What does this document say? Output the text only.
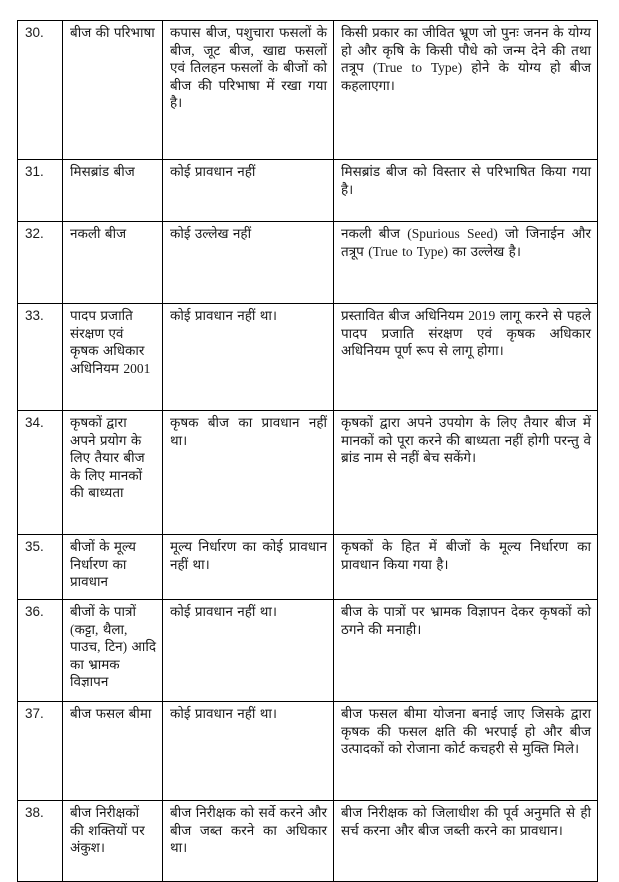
30.	बीज की परिभाषा	कपास बीज, पशुचारा फसलों के बीज, जूट बीज, खाद्य फसलों एवं तिलहन फसलों के बीजों को बीज की परिभाषा में रखा गया है।	किसी प्रकार का जीवित भ्रूण जो पुनः जनन के योग्य हो और कृषि के किसी पौधे को जन्म देने की तथा तत्रूप (True to Type) होने के योग्य हो बीज कहलाएगा।
31.	मिसब्रांड बीज	कोई प्रावधान नहीं	मिसब्रांड बीज को विस्तार से परिभाषित किया गया है।
32.	नकली बीज	कोई उल्लेख नहीं	नकली बीज (Spurious Seed) जो जिनाईन और तत्रूप (True to Type) का उल्लेख है।
33.	पादप प्रजाति संरक्षण एवं कृषक अधिकार अधिनियम 2001	कोई प्रावधान नहीं था।	प्रस्तावित बीज अधिनियम 2019 लागू करने से पहले पादप प्रजाति संरक्षण एवं कृषक अधिकार अधिनियम पूर्ण रूप से लागू होगा।
34.	कृषकों द्वारा अपने प्रयोग के लिए तैयार बीज के लिए मानकों की बाध्यता	कृषक बीज का प्रावधान नहीं था।	कृषकों द्वारा अपने उपयोग के लिए तैयार बीज में मानकों को पूरा करने की बाध्यता नहीं होगी परन्तु वे ब्रांड नाम से नहीं बेच सकेंगे।
35.	बीजों के मूल्य निर्धारण का प्रावधान	मूल्य निर्धारण का कोई प्रावधान नहीं था।	कृषकों के हित में बीजों के मूल्य निर्धारण का प्रावधान किया गया है।
36.	बीजों के पात्रों (कट्टा, थैला, पाउच, टिन) आदि का भ्रामक विज्ञापन	कोई प्रावधान नहीं था।	बीज के पात्रों पर भ्रामक विज्ञापन देकर कृषकों को ठगने की मनाही।
37.	बीज फसल बीमा	कोई प्रावधान नहीं था।	बीज फसल बीमा योजना बनाई जाए जिसके द्वारा कृषक की फसल क्षति की भरपाई हो और बीज उत्पादकों को रोजाना कोर्ट कचहरी से मुक्ति मिले।
38.	बीज निरीक्षकों की शक्तियों पर अंकुश।	बीज निरीक्षक को सर्वे करने और बीज जब्त करने का अधिकार था।	बीज निरीक्षक को जिलाधीश की पूर्व अनुमति से ही सर्च करना और बीज जब्ती करने का प्रावधान।
